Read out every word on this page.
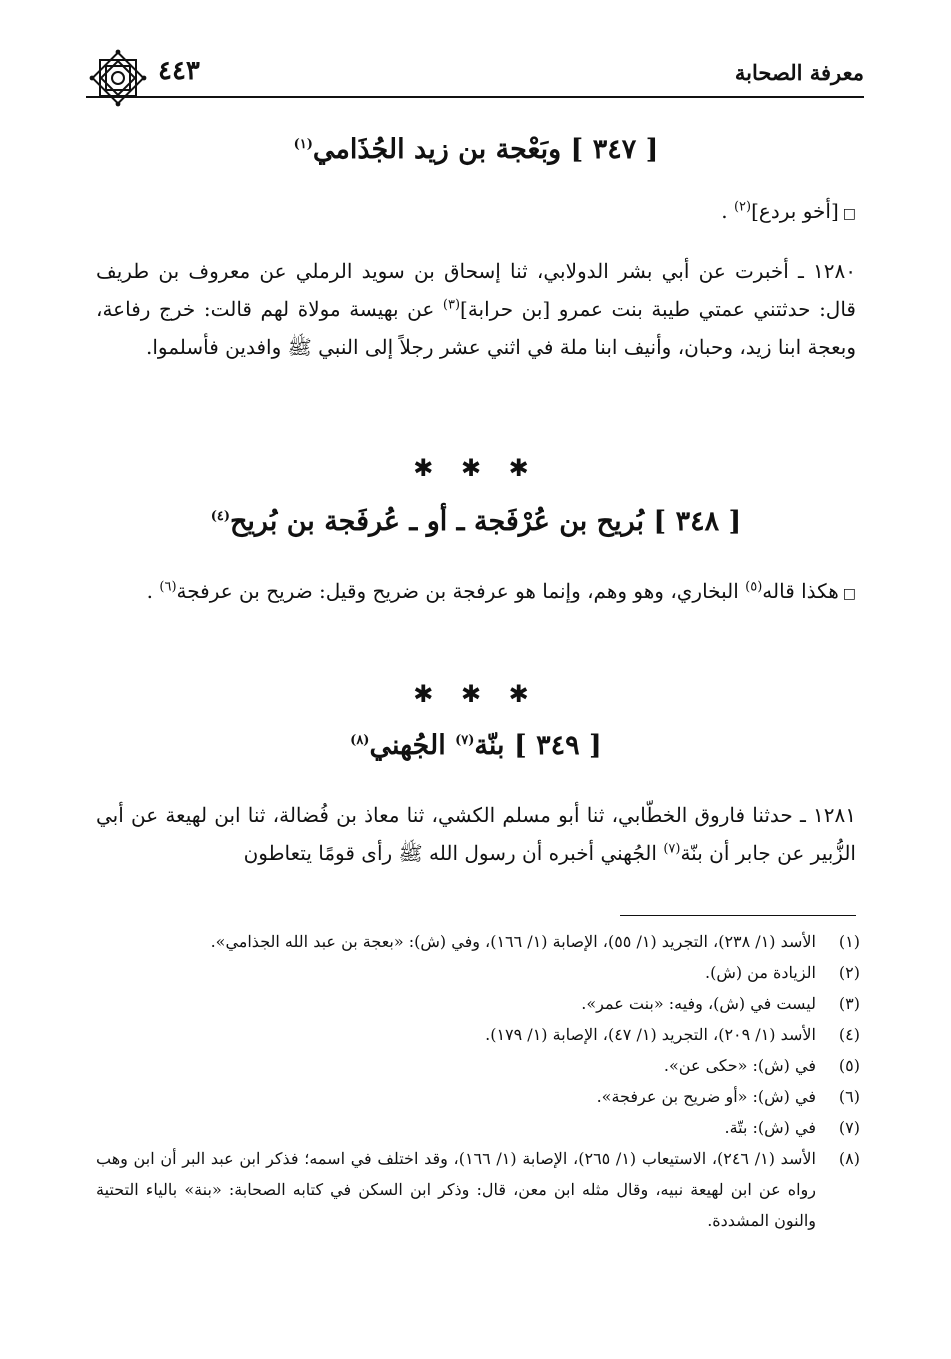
معرفة الصحابة
٤٤٣
[ ٣٤٧ ] وبَعْجة بن زيد الجُذَامي$^{(١)}$
□[أخو بردع]$^{(٢)}$ .
١٢٨٠ ـ أخبرت عن أبي بشر الدولابي، ثنا إسحاق بن سويد الرملي عن معروف بن طريف قال: حدثتني عمتي طيبة بنت عمرو [بن حرابة]$^{(٣)}$ عن بهيسة مولاة لهم قالت: خرج رفاعة، وبعجة ابنا زيد، وحبان، وأنيف ابنا ملة في اثني عشر رجلاً إلى النبي ﷺ وافدين فأسلموا.
✱ ✱ ✱
[ ٣٤٨ ] بُريح بن عُرْفَجة ـ أو ـ عُرفَجة بن بُريح$^{(٤)}$
□هكذا قاله$^{(٥)}$ البخاري، وهو وهم، وإنما هو عرفجة بن ضريح وقيل: ضريح بن عرفجة$^{(٦)}$ .
✱ ✱ ✱
[ ٣٤٩ ] بنّة$^{(٧)}$ الجُهني$^{(٨)}$
١٢٨١ ـ حدثنا فاروق الخطّابي، ثنا أبو مسلم الكشي، ثنا معاذ بن فُضالة، ثنا ابن لهيعة عن أبي الزُّبير عن جابر أن بنّة$^{(٧)}$ الجُهني أخبره أن رسول الله ﷺ رأى قومًا يتعاطون
(١)
الأسد (١/ ٢٣٨)، التجريد (١/ ٥٥)، الإصابة (١/ ١٦٦)، وفي (ش): «بعجة بن عبد الله الجذامي».
(٢)
الزيادة من (ش).
(٣)
ليست في (ش)، وفيه: «بنت عمر».
(٤)
الأسد (١/ ٢٠٩)، التجريد (١/ ٤٧)، الإصابة (١/ ١٧٩).
(٥)
في (ش): «حكى عن».
(٦)
في (ش): «أو ضريح بن عرفجة».
(٧)
في (ش): بتّة.
(٨)
الأسد (١/ ٢٤٦)، الاستيعاب (١/ ٢٦٥)، الإصابة (١/ ١٦٦)، وقد اختلف في اسمه؛ فذكر ابن عبد البر أن ابن وهب رواه عن ابن لهيعة نبيه، وقال مثله ابن معن، قال: وذكر ابن السكن في كتابه الصحابة: «بنة» بالياء التحتية والنون المشددة.
